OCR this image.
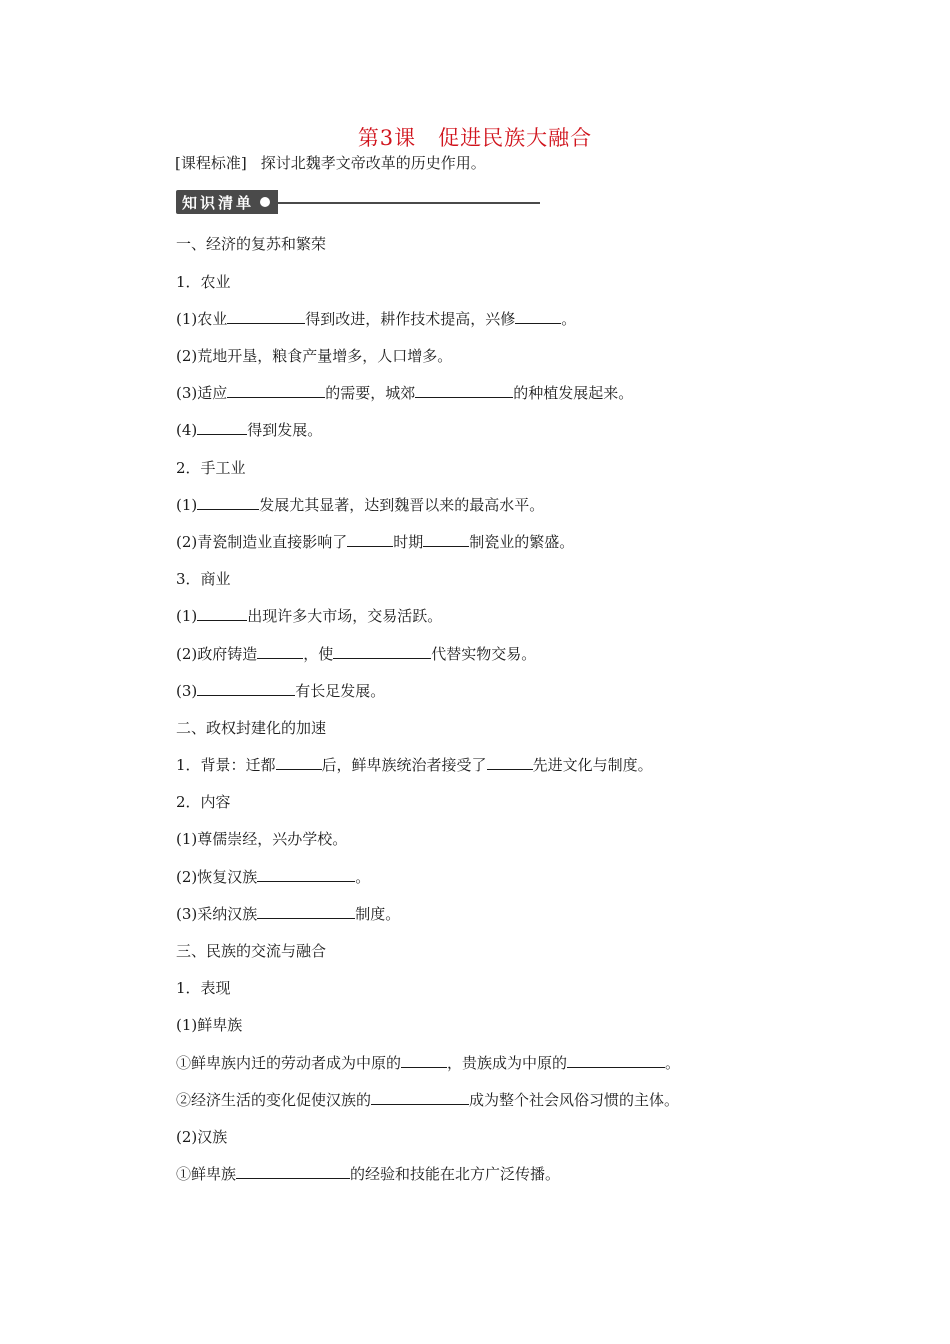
第3课　促进民族大融合
[课程标准] 探讨北魏孝文帝改革的历史作用。
知识清单
一、经济的复苏和繁荣
1．农业
(1)农业	得到改进，耕作技术提高，兴修	。
(2)荒地开垦，粮食产量增多，人口增多。
(3)适应	的需要，城郊	的种植发展起来。
(4)	得到发展。
2．手工业
(1)	发展尤其显著，达到魏晋以来的最高水平。
(2)青瓷制造业直接影响了	时期	制瓷业的繁盛。
3．商业
(1)	出现许多大市场，交易活跃。
(2)政府铸造	，使	代替实物交易。
(3)	有长足发展。
二、政权封建化的加速
1．背景：迁都	后，鲜卑族统治者接受了	先进文化与制度。
2．内容
(1)尊儒崇经，兴办学校。
(2)恢复汉族	。
(3)采纳汉族	制度。
三、民族的交流与融合
1．表现
(1)鲜卑族
①鲜卑族内迁的劳动者成为中原的	，贵族成为中原的	。
②经济生活的变化促使汉族的	成为整个社会风俗习惯的主体。
(2)汉族
①鲜卑族	的经验和技能在北方广泛传播。
